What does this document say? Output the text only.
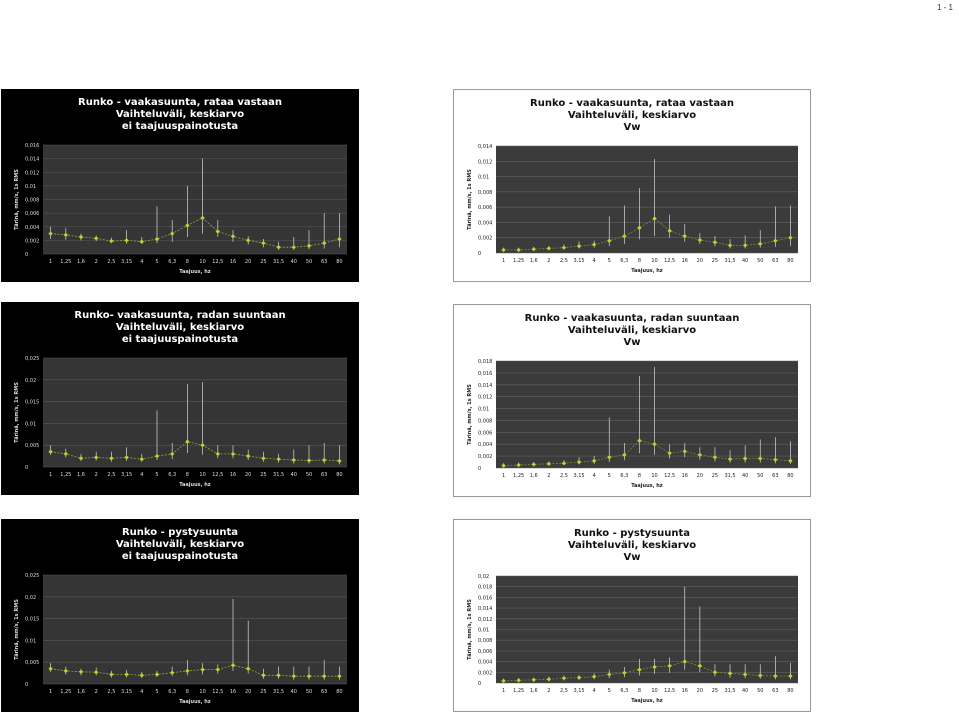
1 - 1
Runko - vaakasuunta, rataa vastaan
Vaihteluväli, keskiarvo
ei taajuuspainotusta
0
0,002
0,004
0,006
0,008
0,01
0,012
0,014
0,016
Tärinä, mm/s, 1s RMS
1 1,25 1,6 2 2,5 3,15 4 5 6,3 8 10 12,5 16 20 25 31,5 40 50 63 80
Taajuus, hz
Runko - vaakasuunta, rataa vastaan
Vaihteluväli, keskiarvo
Vw
0
0,002
0,004
0,006
0,008
0,01
0,012
0,014
Tärinä, mm/s, 1s RMS
1 1,25 1,6 2 2,5 3,15 4 5 6,3 8 10 12,5 16 20 25 31,5 40 50 63 80
Taajuus, hz
Runko- vaakasuunta, radan suuntaan
Vaihteluväli, keskiarvo
ei taajuuspainotusta
0
0,005
0,01
0,015
0,02
0,025
Tärinä, mm/s, 1s RMS
1 1,25 1,6 2 2,5 3,15 4 5 6,3 8 10 12,5 16 20 25 31,5 40 50 63 80
Taajuus, hz
Runko - vaakasuunta, radan suuntaan
Vaihteluväli, keskiarvo
Vw
0
0,002
0,004
0,006
0,008
0,01
0,012
0,014
0,016
0,018
Tärinä, mm/s, 1s RMS
1 1,25 1,6 2 2,5 3,15 4 5 6,3 8 10 12,5 16 20 25 31,5 40 50 63 80
Taajuus, hz
Runko - pystysuunta
Vaihteluväli, keskiarvo
ei taajuuspainotusta
0
0,005
0,01
0,015
0,02
0,025
Tärinä, mm/s, 1s RMS
1 1,25 1,6 2 2,5 3,15 4 5 6,3 8 10 12,5 16 20 25 31,5 40 50 63 80
Taajuus, hz
Runko - pystysuunta
Vaihteluväli, keskiarvo
Vw
0
0,002
0,004
0,006
0,008
0,01
0,012
0,014
0,016
0,018
0,02
Tärinä, mm/s, 1s RMS
1 1,25 1,6 2 2,5 3,15 4 5 6,3 8 10 12,5 16 20 25 31,5 40 50 63 80
Taajuus, hz
